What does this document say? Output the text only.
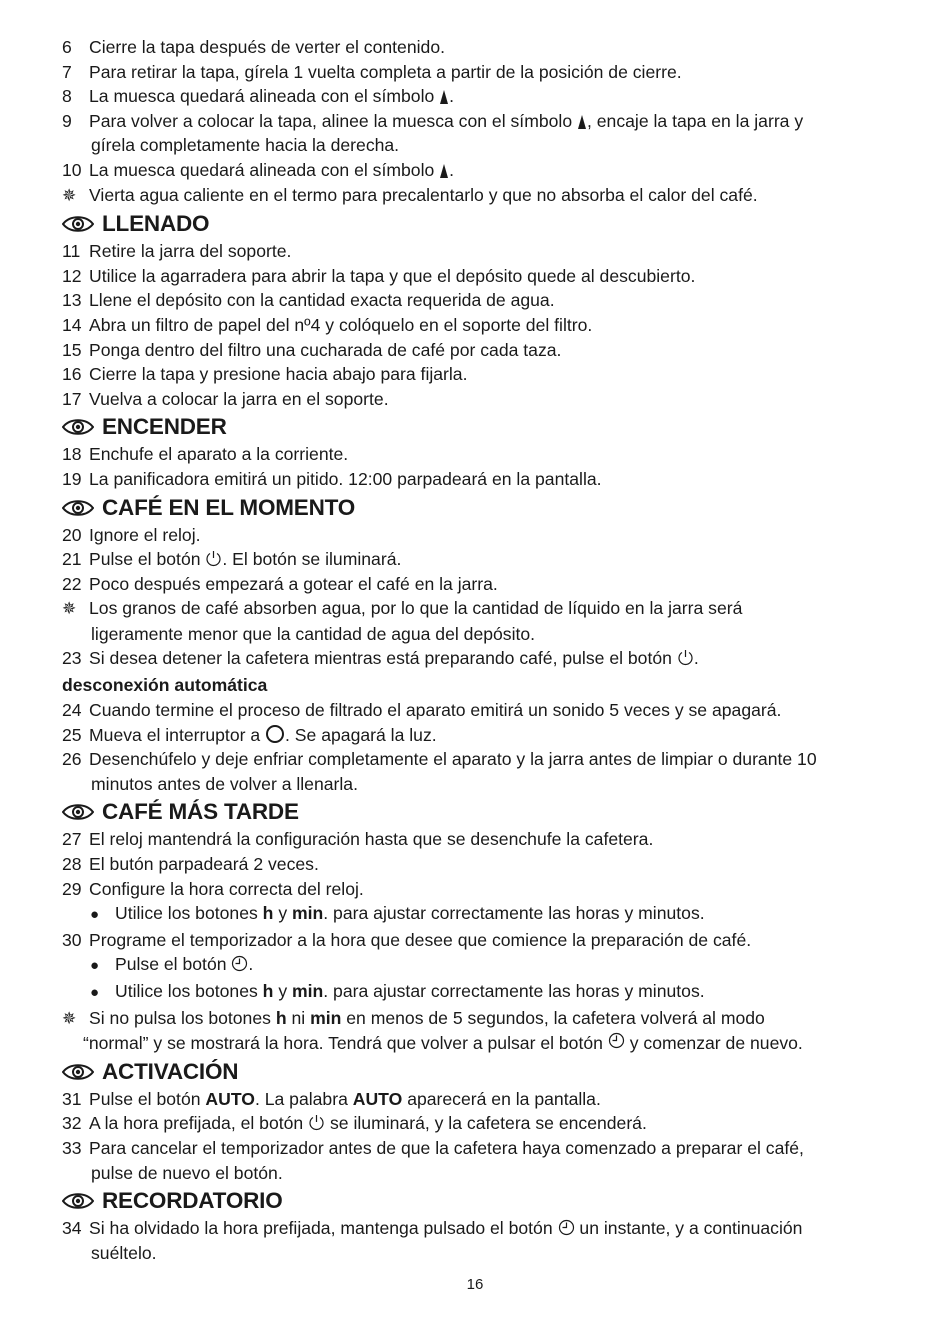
6 Cierre la tapa después de verter el contenido.
7 Para retirar la tapa, gírela 1 vuelta completa a partir de la posición de cierre.
8 La muesca quedará alineada con el símbolo .
9 Para volver a colocar la tapa, alinee la muesca con el símbolo , encaje la tapa en la jarra y
gírela completamente hacia la derecha.
10 La muesca quedará alineada con el símbolo .
✵ Vierta agua caliente en el termo para precalentarlo y que no absorba el calor del café.
LLENADO
11 Retire la jarra del soporte.
12 Utilice la agarradera para abrir la tapa y que el depósito quede al descubierto.
13 Llene el depósito con la cantidad exacta requerida de agua.
14 Abra un filtro de papel del nº4 y colóquelo en el soporte del filtro.
15 Ponga dentro del filtro una cucharada de café por cada taza.
16 Cierre la tapa y presione hacia abajo para fijarla.
17 Vuelva a colocar la jarra en el soporte.
ENCENDER
18 Enchufe el aparato a la corriente.
19 La panificadora emitirá un pitido. 12:00 parpadeará en la pantalla.
CAFÉ EN EL MOMENTO
20 Ignore el reloj.
21 Pulse el botón . El botón se iluminará.
22 Poco después empezará a gotear el café en la jarra.
✵ Los granos de café absorben agua, por lo que la cantidad de líquido en la jarra será
ligeramente menor que la cantidad de agua del depósito.
23 Si desea detener la cafetera mientras está preparando café, pulse el botón .
desconexión automática
24 Cuando termine el proceso de filtrado el aparato emitirá un sonido 5 veces y se apagará.
25 Mueva el interruptor a . Se apagará la luz.
26 Desenchúfelo y deje enfriar completamente el aparato y la jarra antes de limpiar o durante 10
minutos antes de volver a llenarla.
CAFÉ MÁS TARDE
27 El reloj mantendrá la configuración hasta que se desenchufe la cafetera.
28 El butón parpadeará 2 veces.
29 Configure la hora correcta del reloj.
● Utilice los botones h y min. para ajustar correctamente las horas y minutos.
30 Programe el temporizador a la hora que desee que comience la preparación de café.
● Pulse el botón .
● Utilice los botones h y min. para ajustar correctamente las horas y minutos.
✵ Si no pulsa los botones h ni min en menos de 5 segundos, la cafetera volverá al modo
“normal” y se mostrará la hora. Tendrá que volver a pulsar el botón

y comenzar de nuevo.
ACTIVACIÓN
31 Pulse el botón AUTO. La palabra AUTO aparecerá en la pantalla.
32 A la hora prefijada, el botón se iluminará, y la cafetera se encenderá.
33 Para cancelar el temporizador antes de que la cafetera haya comenzado a preparar el café,
pulse de nuevo el botón.
RECORDATORIO
34 Si ha olvidado la hora prefijada, mantenga pulsado el botón un instante, y a continuación
suéltelo.
16
